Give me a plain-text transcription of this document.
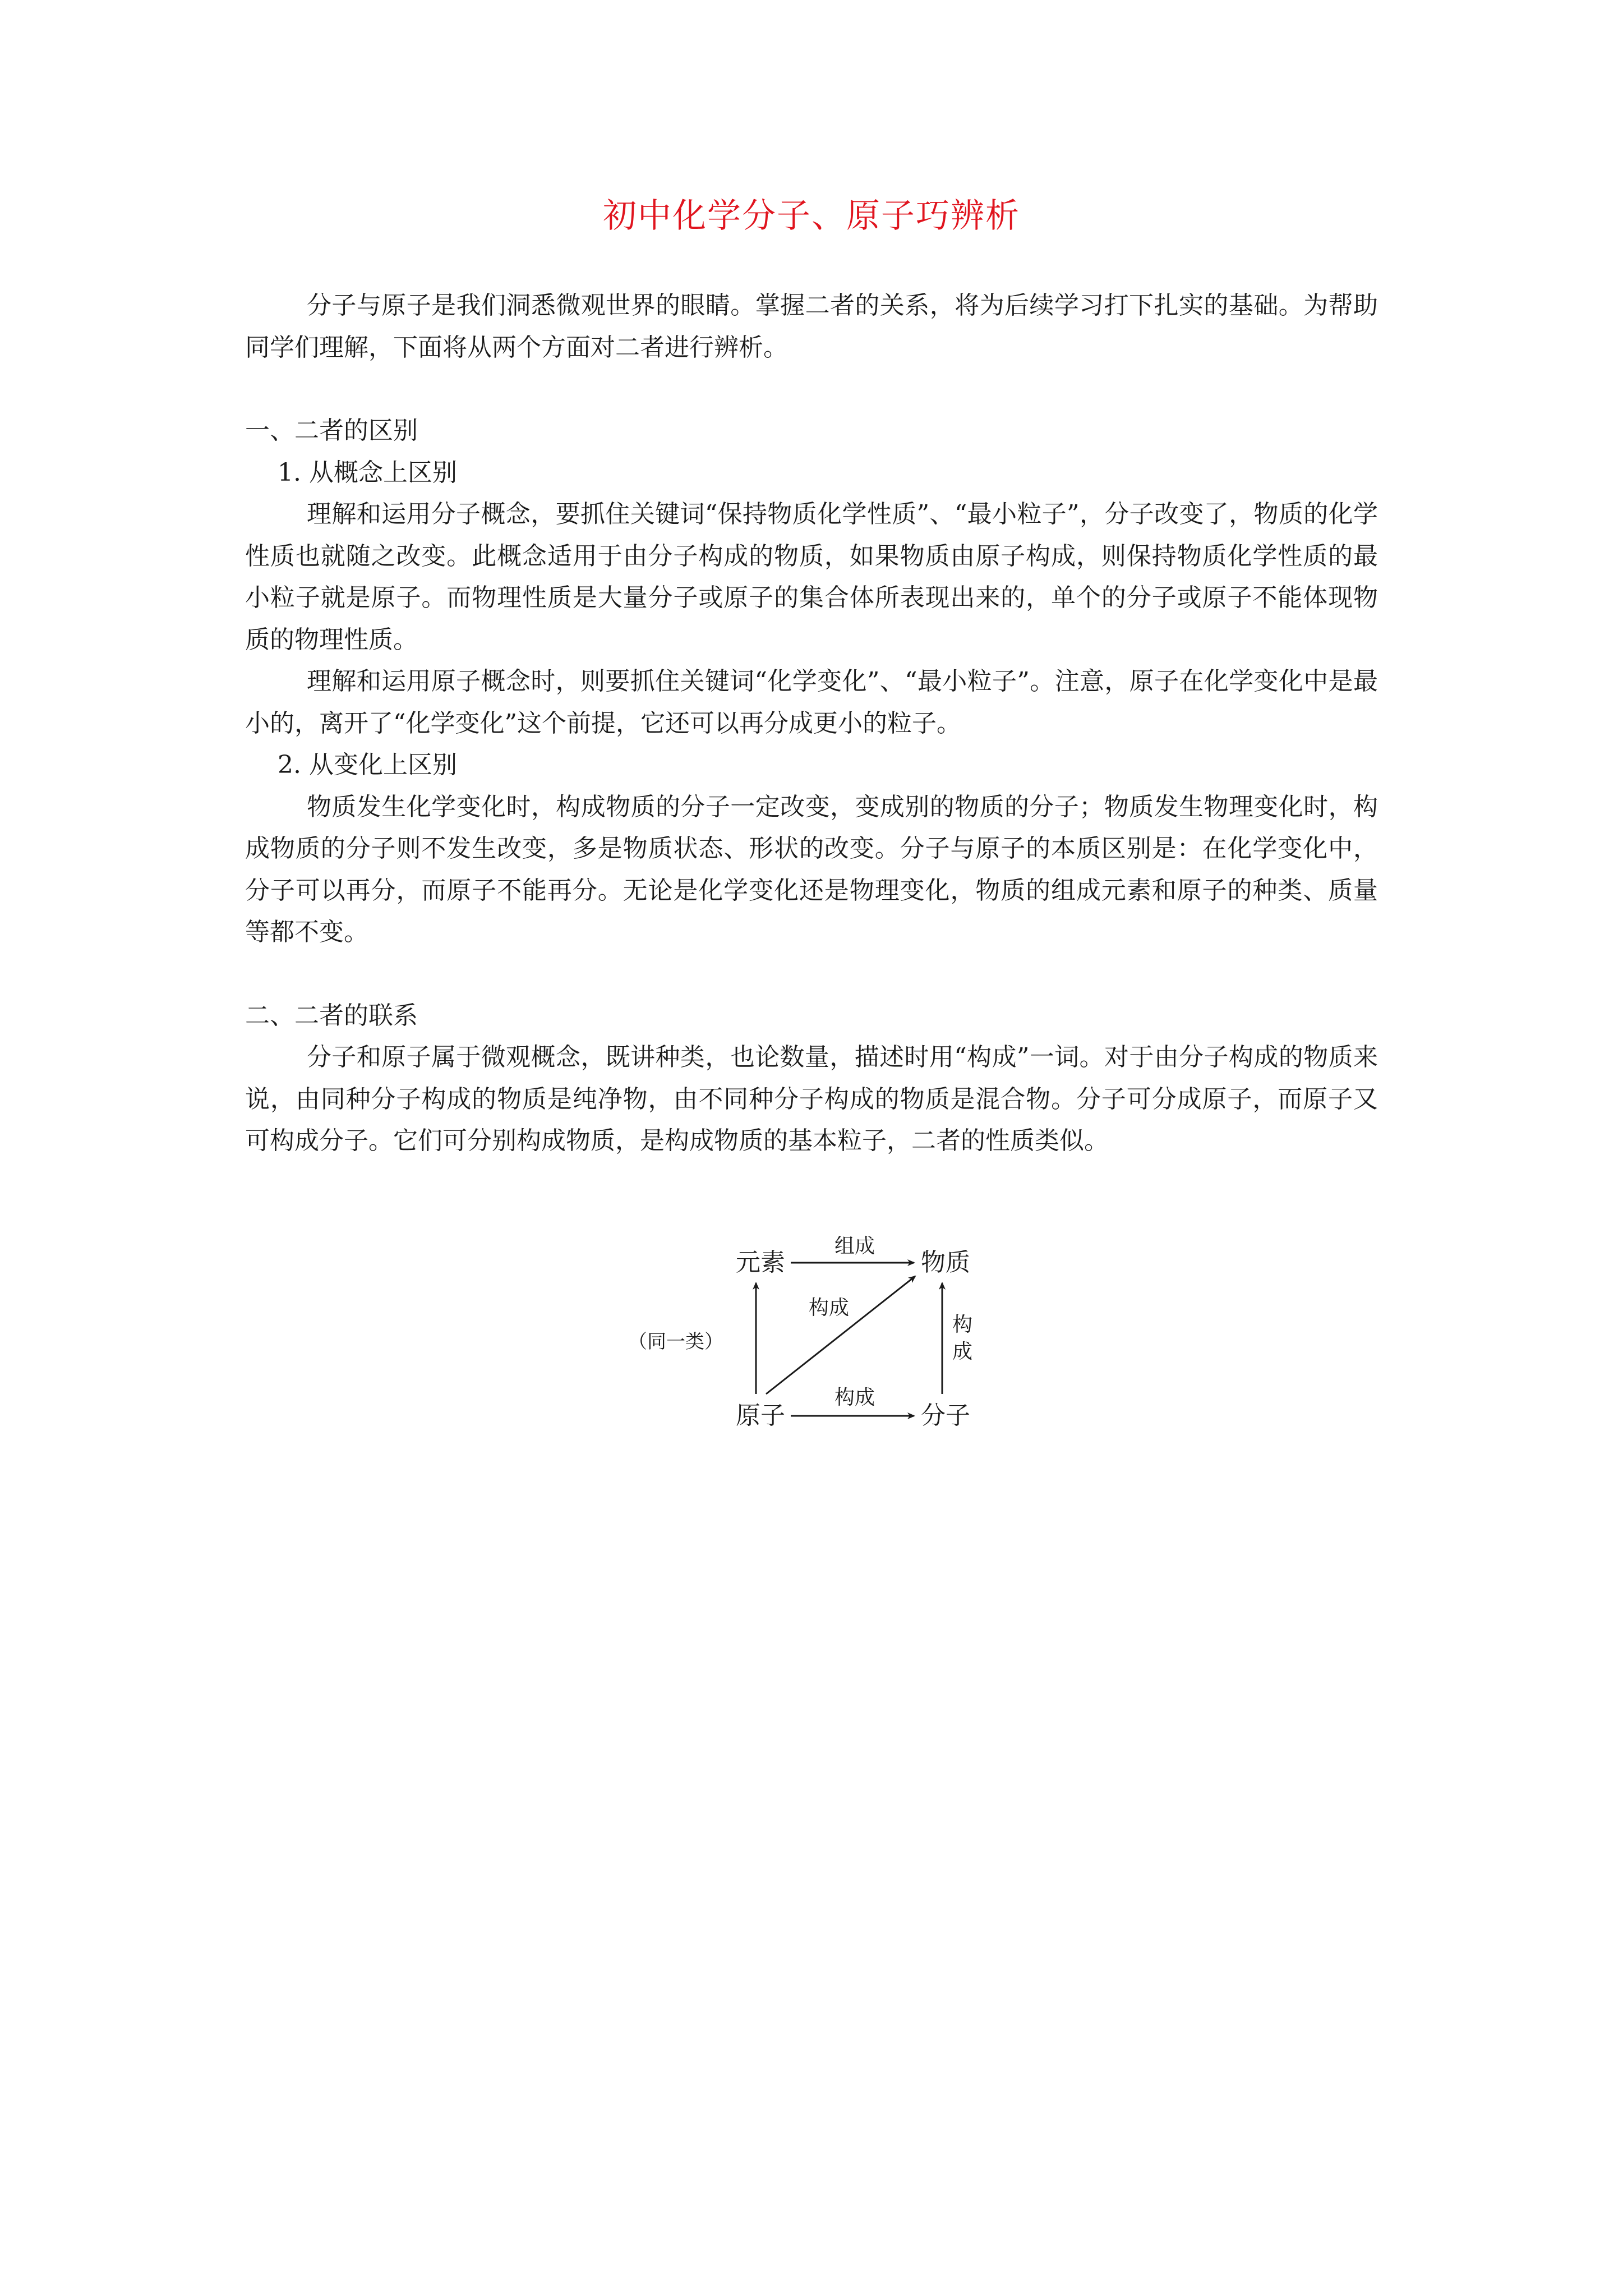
初中化学分子、原子巧辨析

分子与原子是我们洞悉微观世界的眼睛。掌握二者的关系，将为后续学习打下扎实的基础。为帮助同学们理解，下面将从两个方面对二者进行辨析。

一、二者的区别

1. 从概念上区别

理解和运用分子概念，要抓住关键词“保持物质化学性质”、“最小粒子”，分子改变了，物质的化学性质也就随之改变。此概念适用于由分子构成的物质，如果物质由原子构成，则保持物质化学性质的最小粒子就是原子。而物理性质是大量分子或原子的集合体所表现出来的，单个的分子或原子不能体现物质的物理性质。

理解和运用原子概念时，则要抓住关键词“化学变化”、“最小粒子”。注意，原子在化学变化中是最小的，离开了“化学变化”这个前提，它还可以再分成更小的粒子。

2. 从变化上区别

物质发生化学变化时，构成物质的分子一定改变，变成别的物质的分子；物质发生物理变化时，构成物质的分子则不发生改变，多是物质状态、形状的改变。分子与原子的本质区别是：在化学变化中，分子可以再分，而原子不能再分。无论是化学变化还是物理变化，物质的组成元素和原子的种类、质量等都不变。

二、二者的联系

分子和原子属于微观概念，既讲种类，也论数量，描述时用“构成”一词。对于由分子构成的物质来说，由同种分子构成的物质是纯净物，由不同种分子构成的物质是混合物。分子可分成原子，而原子又可构成分子。它们可分别构成物质，是构成物质的基本粒子，二者的性质类似。

元素	物质
原子	分子
组成
（同一类）
构成
构成
构
成
